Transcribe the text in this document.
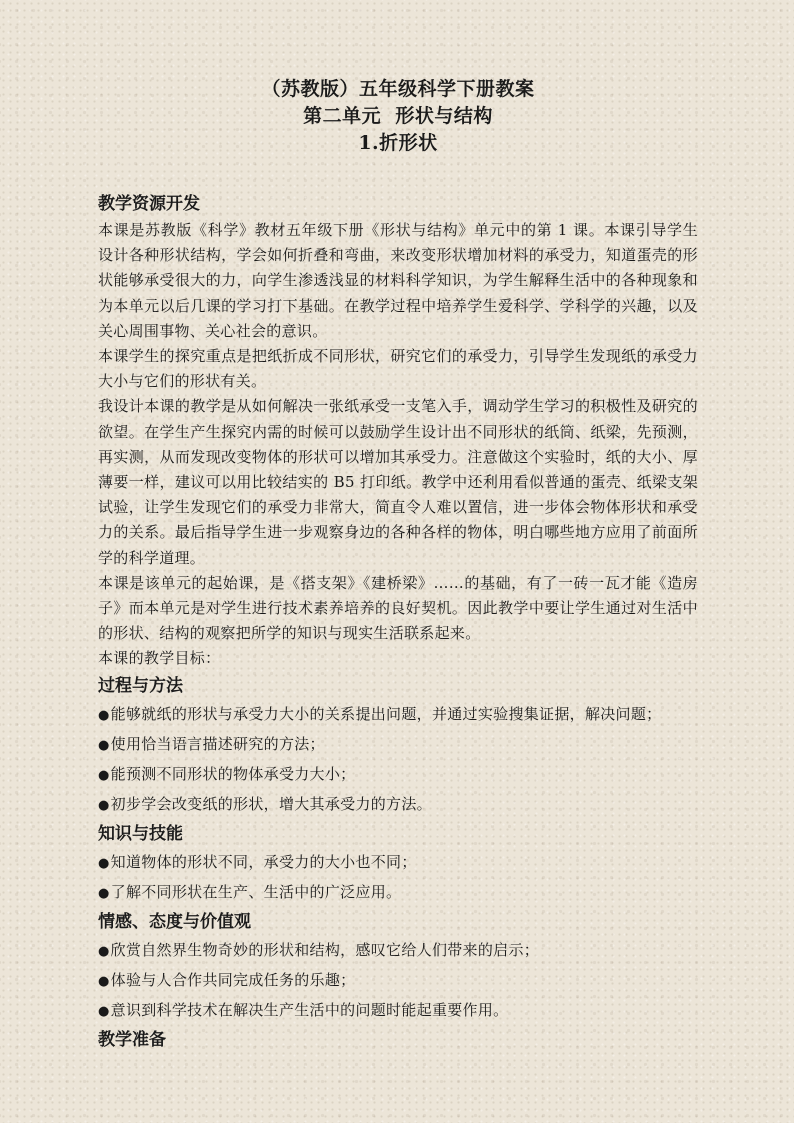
（苏教版）五年级科学下册教案
第二单元  形状与结构
1.折形状
教学资源开发

本课是苏教版《科学》教材五年级下册《形状与结构》单元中的第 1 课。本课引导学生设计各种形状结构，学会如何折叠和弯曲，来改变形状增加材料的承受力，知道蛋壳的形状能够承受很大的力，向学生渗透浅显的材料科学知识，为学生解释生活中的各种现象和为本单元以后几课的学习打下基础。在教学过程中培养学生爱科学、学科学的兴趣，以及关心周围事物、关心社会的意识。

本课学生的探究重点是把纸折成不同形状，研究它们的承受力，引导学生发现纸的承受力大小与它们的形状有关。

我设计本课的教学是从如何解决一张纸承受一支笔入手，调动学生学习的积极性及研究的欲望。在学生产生探究内需的时候可以鼓励学生设计出不同形状的纸筒、纸梁，先预测，再实测，从而发现改变物体的形状可以增加其承受力。注意做这个实验时，纸的大小、厚薄要一样，建议可以用比较结实的 B5 打印纸。教学中还利用看似普通的蛋壳、纸梁支架试验，让学生发现它们的承受力非常大，简直令人难以置信，进一步体会物体形状和承受力的关系。最后指导学生进一步观察身边的各种各样的物体，明白哪些地方应用了前面所学的科学道理。

本课是该单元的起始课，是《搭支架》《建桥梁》……的基础，有了一砖一瓦才能《造房子》而本单元是对学生进行技术素养培养的良好契机。因此教学中要让学生通过对生活中的形状、结构的观察把所学的知识与现实生活联系起来。

本课的教学目标：

过程与方法

●能够就纸的形状与承受力大小的关系提出问题，并通过实验搜集证据，解决问题；

●使用恰当语言描述研究的方法；

●能预测不同形状的物体承受力大小；

●初步学会改变纸的形状，增大其承受力的方法。

知识与技能

●知道物体的形状不同，承受力的大小也不同；

●了解不同形状在生产、生活中的广泛应用。

情感、态度与价值观

●欣赏自然界生物奇妙的形状和结构，感叹它给人们带来的启示；

●体验与人合作共同完成任务的乐趣；

●意识到科学技术在解决生产生活中的问题时能起重要作用。

教学准备
